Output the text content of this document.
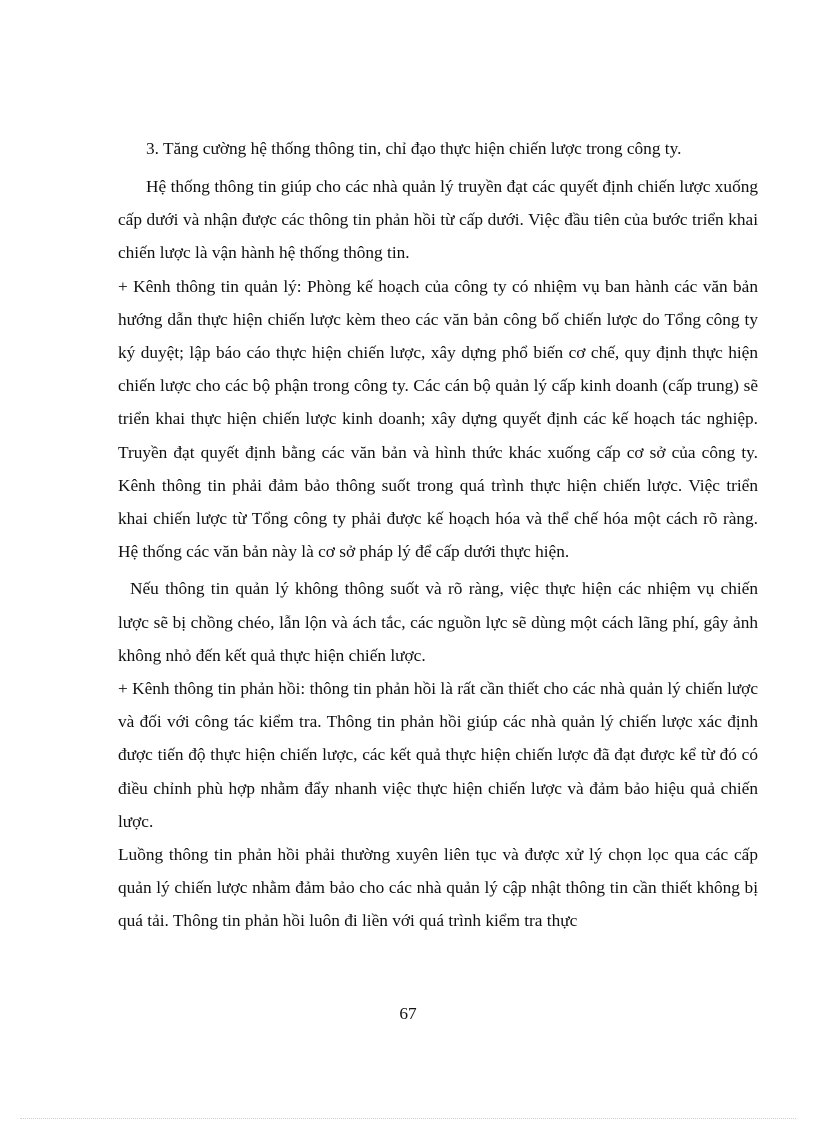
3. Tăng cường hệ thống thông tin, chỉ đạo thực hiện chiến lược trong công ty.

Hệ thống thông tin giúp cho các nhà quản lý truyền đạt các quyết định chiến lược xuống cấp dưới và nhận được các thông tin phản hồi từ cấp dưới. Việc đầu tiên của bước triển khai chiến lược là vận hành hệ thống thông tin.

+ Kênh thông tin quản lý: Phòng kế hoạch của công ty có nhiệm vụ ban hành các văn bản hướng dẫn thực hiện chiến lược kèm theo các văn bản công bố chiến lược do Tổng công ty ký duyệt; lập báo cáo thực hiện chiến lược, xây dựng phổ biến cơ chế, quy định thực hiện chiến lược cho các bộ phận trong công ty. Các cán bộ quản lý cấp kinh doanh (cấp trung) sẽ triển khai thực hiện chiến lược kinh doanh; xây dựng quyết định các kế hoạch tác nghiệp. Truyền đạt quyết định bằng các văn bản và hình thức khác xuống cấp cơ sở của công ty. Kênh thông tin phải đảm bảo thông suốt trong quá trình thực hiện chiến lược. Việc triển khai chiến lược từ Tổng công ty phải được kế hoạch hóa và thể chế hóa một cách rõ ràng. Hệ thống các văn bản này là cơ sở pháp lý để cấp dưới thực hiện.

Nếu thông tin quản lý không thông suốt và rõ ràng, việc thực hiện các nhiệm vụ chiến lược sẽ bị chồng chéo, lẫn lộn và ách tắc, các nguồn lực sẽ dùng một cách lãng phí, gây ảnh không nhỏ đến kết quả thực hiện chiến lược.

+ Kênh thông tin phản hồi: thông tin phản hồi là rất cần thiết cho các nhà quản lý chiến lược và đối với công tác kiểm tra. Thông tin phản hồi giúp các nhà quản lý chiến lược xác định được tiến độ thực hiện chiến lược, các kết quả thực hiện chiến lược đã đạt được kể từ đó có điều chỉnh phù hợp nhằm đẩy nhanh việc thực hiện chiến lược và đảm bảo hiệu quả chiến lược.

Luồng thông tin phản hồi phải thường xuyên liên tục và được xử lý chọn lọc qua các cấp quản lý chiến lược nhằm đảm bảo cho các nhà quản lý cập nhật thông tin cần thiết không bị quá tải. Thông tin phản hồi luôn đi liền với quá trình kiểm tra thực

67
